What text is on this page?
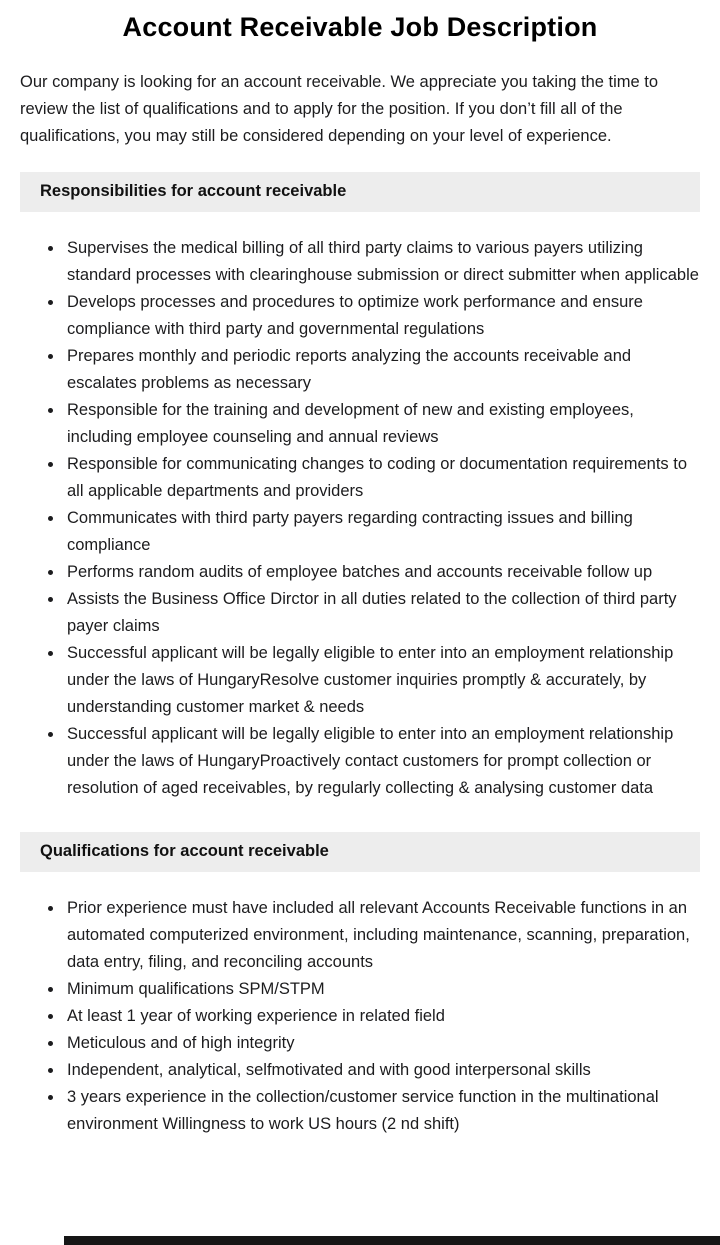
Account Receivable Job Description

Our company is looking for an account receivable. We appreciate you taking the time to review the list of qualifications and to apply for the position. If you don’t fill all of the qualifications, you may still be considered depending on your level of experience.

Responsibilities for account receivable
• Supervises the medical billing of all third party claims to various payers utilizing standard processes with clearinghouse submission or direct submitter when applicable
• Develops processes and procedures to optimize work performance and ensure compliance with third party and governmental regulations
• Prepares monthly and periodic reports analyzing the accounts receivable and escalates problems as necessary
• Responsible for the training and development of new and existing employees, including employee counseling and annual reviews
• Responsible for communicating changes to coding or documentation requirements to all applicable departments and providers
• Communicates with third party payers regarding contracting issues and billing compliance
• Performs random audits of employee batches and accounts receivable follow up
• Assists the Business Office Dirctor in all duties related to the collection of third party payer claims
• Successful applicant will be legally eligible to enter into an employment relationship under the laws of HungaryResolve customer inquiries promptly & accurately, by understanding customer market & needs
• Successful applicant will be legally eligible to enter into an employment relationship under the laws of HungaryProactively contact customers for prompt collection or resolution of aged receivables, by regularly collecting & analysing customer data
Qualifications for account receivable
• Prior experience must have included all relevant Accounts Receivable functions in an automated computerized environment, including maintenance, scanning, preparation, data entry, filing, and reconciling accounts
• Minimum qualifications SPM/STPM
• At least 1 year of working experience in related field
• Meticulous and of high integrity
• Independent, analytical, selfmotivated and with good interpersonal skills
• 3 years experience in the collection/customer service function in the multinational environment Willingness to work US hours (2 nd shift)
